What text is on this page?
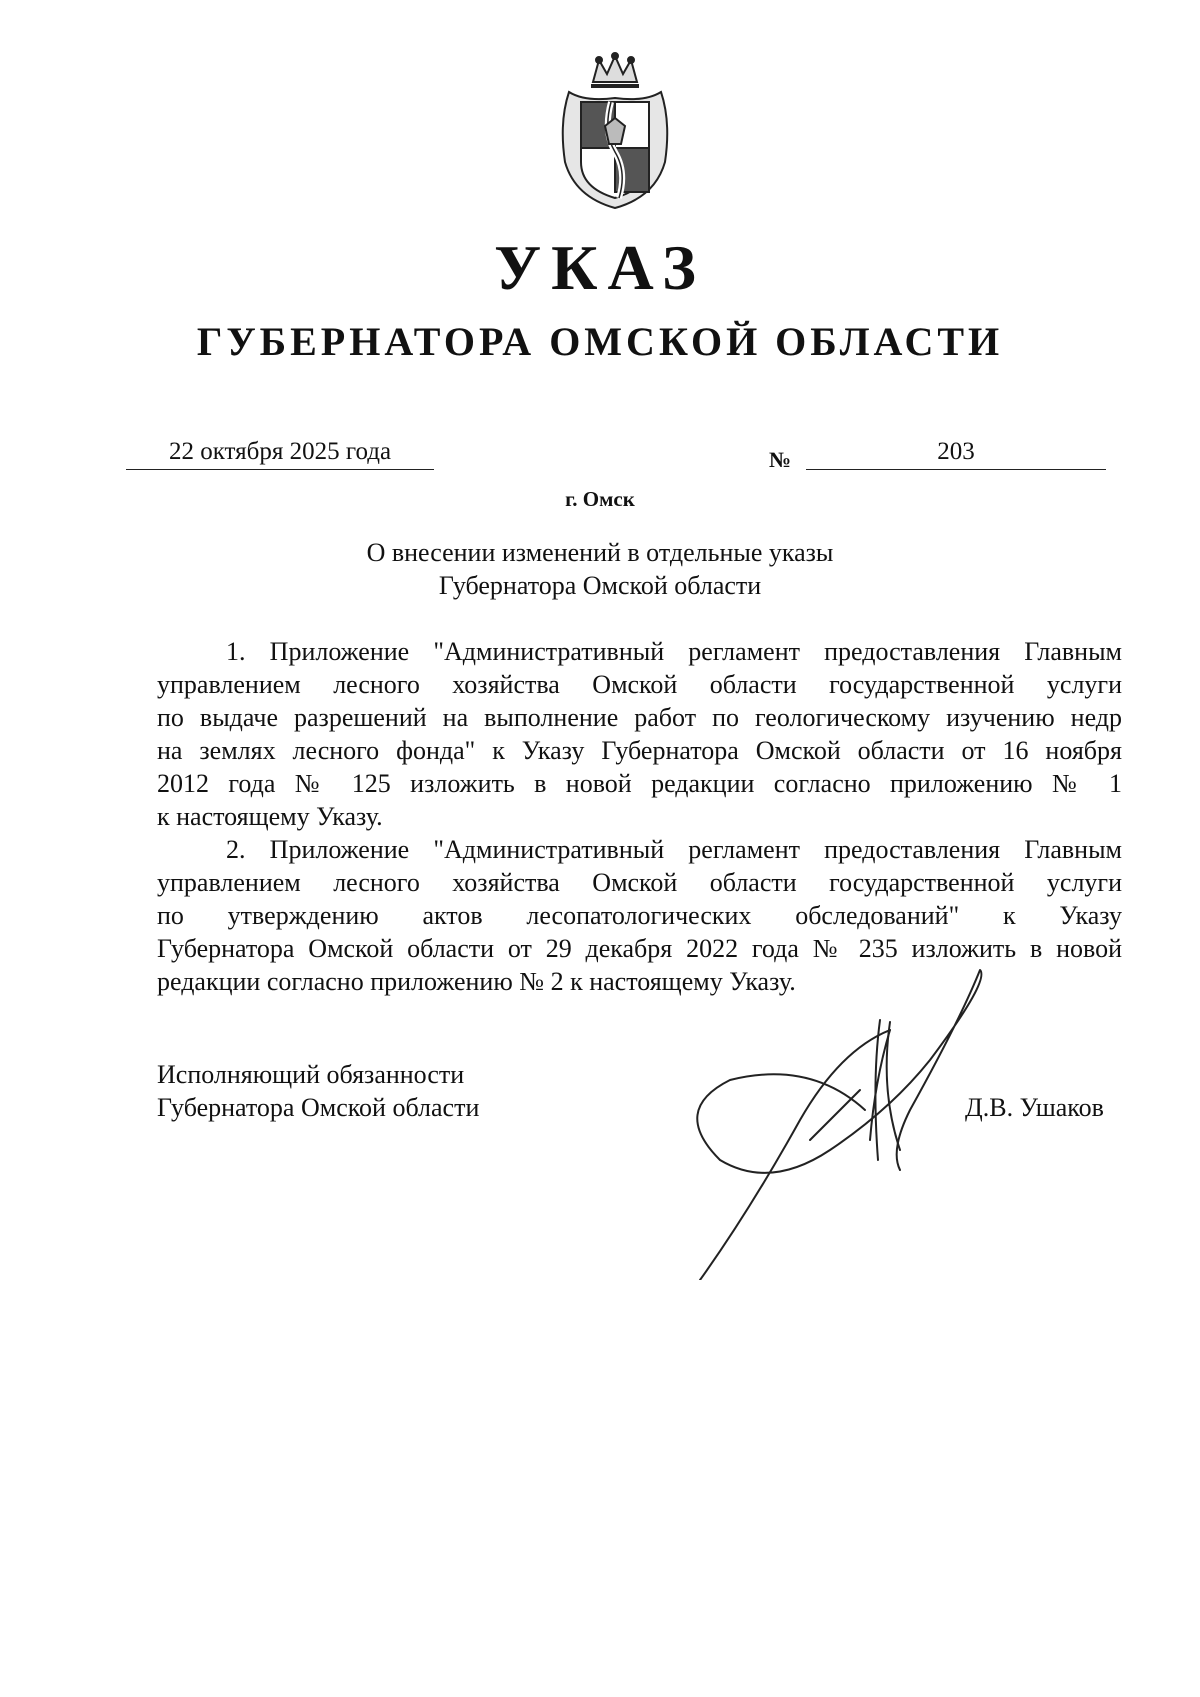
УКАЗ
ГУБЕРНАТОРА ОМСКОЙ ОБЛАСТИ
22 октября 2025 года	№	203
г. Омск
О внесении изменений в отдельные указы
Губернатора Омской области
1. Приложение "Административный регламент предоставления Главным
управлением лесного хозяйства Омской области государственной услуги
по выдаче разрешений на выполнение работ по геологическому изучению недр
на землях лесного фонда" к Указу Губернатора Омской области от 16 ноября
2012 года № 125 изложить в новой редакции согласно приложению № 1
к настоящему Указу.
2. Приложение "Административный регламент предоставления Главным
управлением лесного хозяйства Омской области государственной услуги
по утверждению актов лесопатологических обследований" к Указу
Губернатора Омской области от 29 декабря 2022 года № 235 изложить в новой
редакции согласно приложению № 2 к настоящему Указу.
Исполняющий обязанности
Губернатора Омской области	Д.В. Ушаков
